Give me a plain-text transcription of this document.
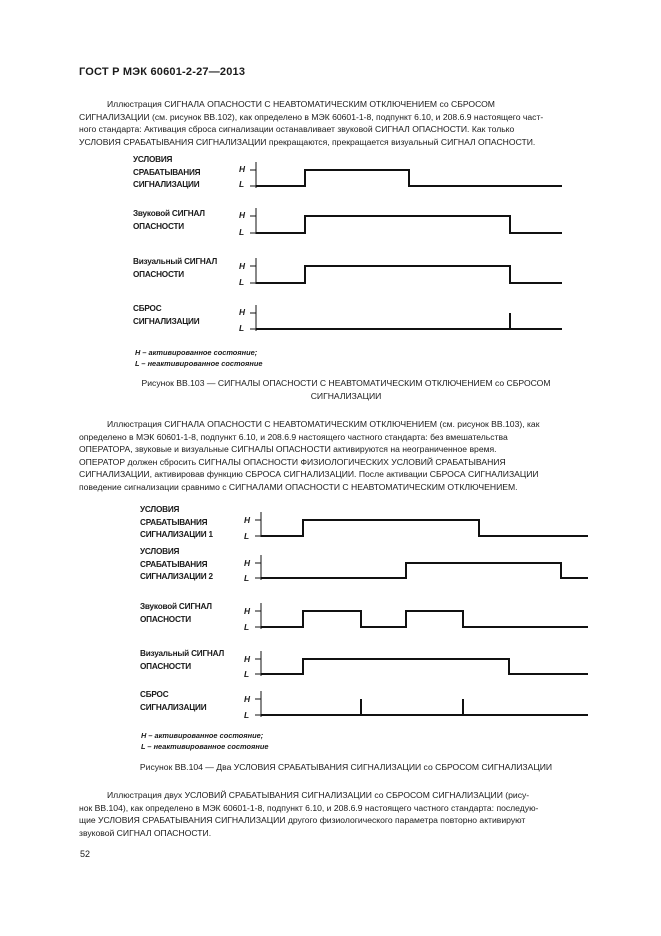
ГОСТ Р МЭК 60601-2-27—2013

Иллюстрация СИГНАЛА ОПАСНОСТИ С НЕАВТОМАТИЧЕСКИМ ОТКЛЮЧЕНИЕМ со СБРОСОМ

СИГНАЛИЗАЦИИ (см. рисунок ВВ.102), как определено в МЭК 60601-1-8, подпункт 6.10, и 208.6.9 настоящего част-

ного стандарта: Активация сброса сигнализации останавливает звуковой СИГНАЛ ОПАСНОСТИ. Как только

УСЛОВИЯ СРАБАТЫВАНИЯ СИГНАЛИЗАЦИИ прекращаются, прекращается визуальный СИГНАЛ ОПАСНОСТИ.

УСЛОВИЯ
СРАБАТЫВАНИЯ
СИГНАЛИЗАЦИИ
Звуковой СИГНАЛ
ОПАСНОСТИ
Визуальный СИГНАЛ
ОПАСНОСТИ
СБРОС
СИГНАЛИЗАЦИИ
H
L
H
L
H
L
H
L
H – активированное состояние;
L – неактивированное состояние
Рисунок ВВ.103 — СИГНАЛЫ ОПАСНОСТИ С НЕАВТОМАТИЧЕСКИМ ОТКЛЮЧЕНИЕМ со СБРОСОМ
СИГНАЛИЗАЦИИ

Иллюстрация СИГНАЛА ОПАСНОСТИ С НЕАВТОМАТИЧЕСКИМ ОТКЛЮЧЕНИЕМ (см. рисунок ВВ.103), как

определено в МЭК 60601-1-8, подпункт 6.10, и 208.6.9 настоящего частного стандарта: без вмешательства

ОПЕРАТОРА, звуковые и визуальные СИГНАЛЫ ОПАСНОСТИ активируются на неограниченное время.

ОПЕРАТОР должен сбросить СИГНАЛЫ ОПАСНОСТИ ФИЗИОЛОГИЧЕСКИХ УСЛОВИЙ СРАБАТЫВАНИЯ

СИГНАЛИЗАЦИИ, активировав функцию СБРОСА СИГНАЛИЗАЦИИ. После активации СБРОСА СИГНАЛИЗАЦИИ

поведение сигнализации сравнимо с СИГНАЛАМИ ОПАСНОСТИ С НЕАВТОМАТИЧЕСКИМ ОТКЛЮЧЕНИЕМ.

УСЛОВИЯ
СРАБАТЫВАНИЯ
СИГНАЛИЗАЦИИ 1
УСЛОВИЯ
СРАБАТЫВАНИЯ
СИГНАЛИЗАЦИИ 2
Звуковой СИГНАЛ
ОПАСНОСТИ
Визуальный СИГНАЛ
ОПАСНОСТИ
СБРОС
СИГНАЛИЗАЦИИ
H
L
H
L
H
L
H
L
H
L
H – активированное состояние;
L – неактивированное состояние
Рисунок ВВ.104 — Два УСЛОВИЯ СРАБАТЫВАНИЯ СИГНАЛИЗАЦИИ со СБРОСОМ СИГНАЛИЗАЦИИ

Иллюстрация двух УСЛОВИЙ СРАБАТЫВАНИЯ СИГНАЛИЗАЦИИ со СБРОСОМ СИГНАЛИЗАЦИИ (рису-

нок ВВ.104), как определено в МЭК 60601-1-8, подпункт 6.10, и 208.6.9 настоящего частного стандарта: последую-

щие УСЛОВИЯ СРАБАТЫВАНИЯ СИГНАЛИЗАЦИИ другого физиологического параметра повторно активируют

звуковой СИГНАЛ ОПАСНОСТИ.

52
